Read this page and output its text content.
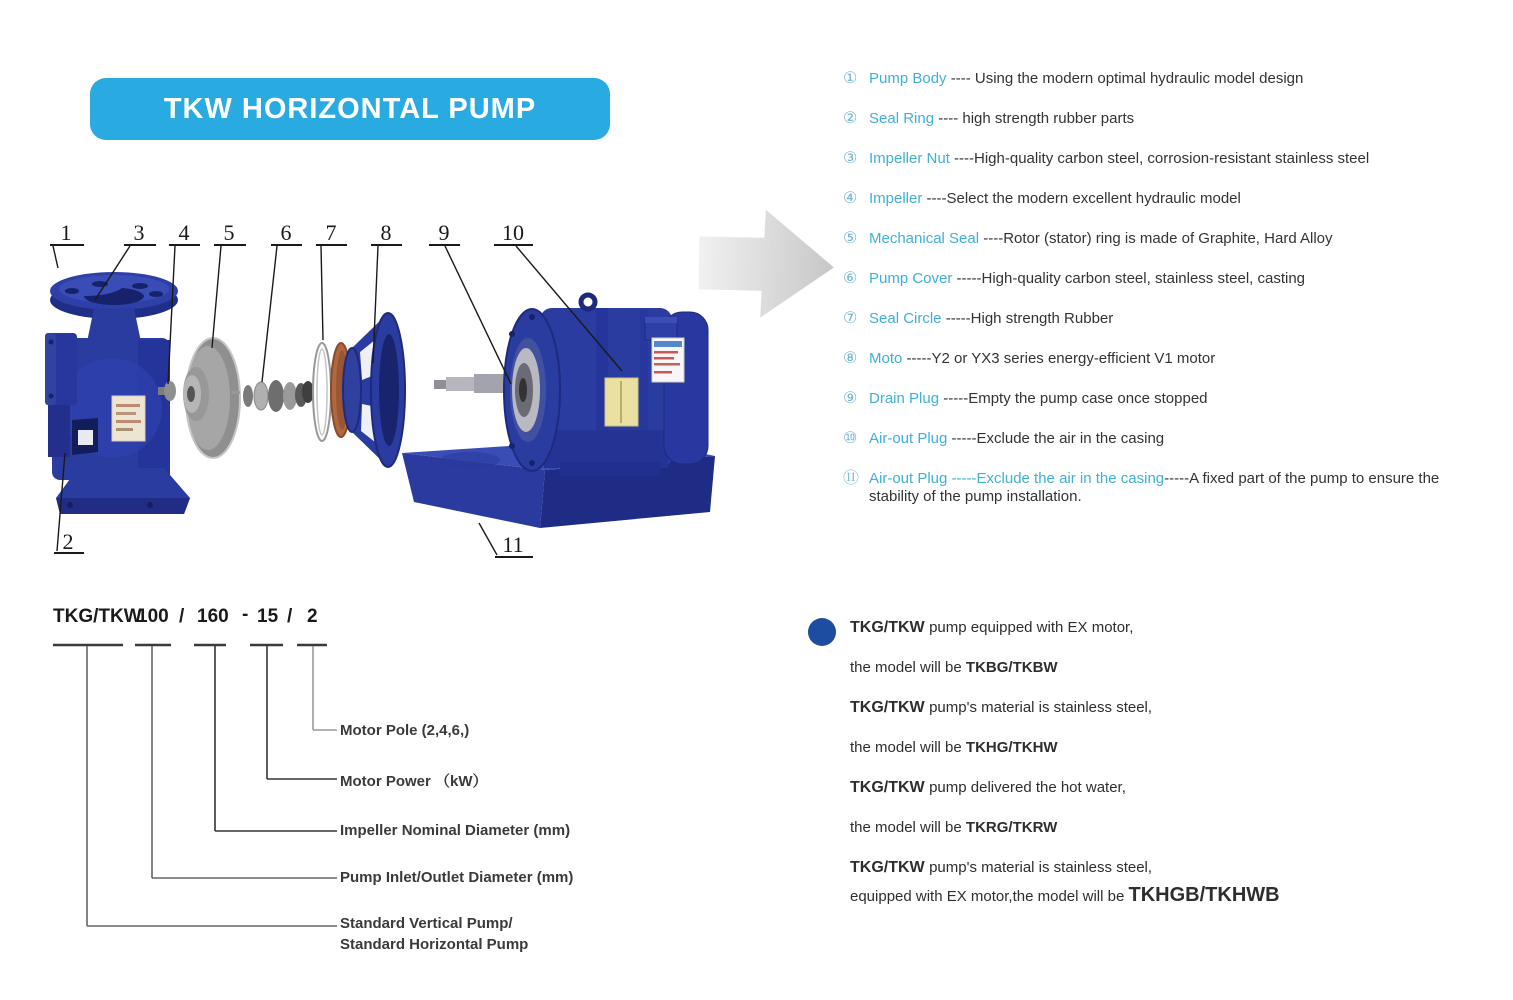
TKW HORIZONTAL PUMP
1	3 4 5 6 7 8 9 10
2	11
① Pump Body ---- Using the modern optimal hydraulic model design
② Seal Ring ---- high strength rubber parts
③ Impeller Nut ----High-quality carbon steel, corrosion-resistant stainless steel
④ Impeller ----Select the modern excellent hydraulic model
⑤ Mechanical Seal ----Rotor (stator) ring is made of Graphite, Hard Alloy
⑥ Pump Cover -----High-quality carbon steel, stainless steel, casting
⑦ Seal Circle -----High strength Rubber
⑧ Moto -----Y2 or YX3 series energy-efficient V1 motor
⑨ Drain Plug -----Empty the pump case once stopped
⑩ Air-out Plug -----Exclude the air in the casing
⑪ Air-out Plug -----Exclude the air in the casing-----A fixed part of the pump to ensure the stability of the pump installation.
TKG/TKW
100 / 160 - 15 / 2
Motor Pole (2,4,6,)
Motor Power （kW）
Impeller Nominal Diameter (mm)
Pump Inlet/Outlet Diameter (mm)
Standard Vertical Pump/
Standard Horizontal Pump
TKG/TKW pump equipped with EX motor,
the model will be TKBG/TKBW
TKG/TKW pump's material is stainless steel,
the model will be TKHG/TKHW
TKG/TKW pump delivered the hot water,
the model will be TKRG/TKRW
TKG/TKW pump's material is stainless steel,
equipped with EX motor,the model will be TKHGB/TKHWB
